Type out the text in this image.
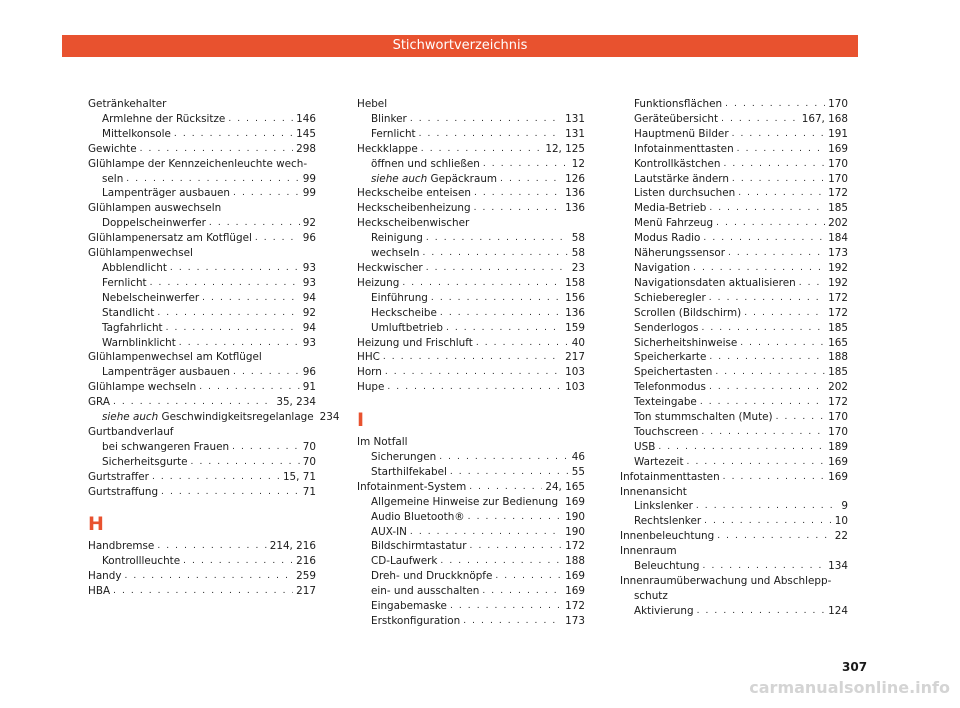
Stichwortverzeichnis
Getränkehalter
Armlehne der Rücksitze . . .	146
Mittelkonsole . . .	145
Gewichte . . .	298
Glühlampe der Kennzeichenleuchte wech-
seln . . .	99
Lampenträger ausbauen . . .	99
Glühlampen auswechseln
Doppelscheinwerfer . . .	92
Glühlampenersatz am Kotflügel . . .	96
Glühlampenwechsel
Abblendlicht . . .	93
Fernlicht . . .	93
Nebelscheinwerfer . . .	94
Standlicht . . .	92
Tagfahrlicht . . .	94
Warnblinklicht . . .	93
Glühlampenwechsel am Kotflügel
Lampenträger ausbauen . . .	96
Glühlampe wechseln . . .	91
GRA . . .	35, 234
siehe auch Geschwindigkeitsregelanlage 234
Gurtbandverlauf
bei schwangeren Frauen . . .	70
Sicherheitsgurte . . .	70
Gurtstraffer . . .	15, 71
Gurtstraffung . . .	71
H
Handbremse . . .	214, 216
Kontrollleuchte . . .	216
Handy . . .	259
HBA . . .	217
Hebel
Blinker . . .	131
Fernlicht . . .	131
Heckklappe . . .	12, 125
öffnen und schließen . . .	12
siehe auch Gepäckraum . . .	126
Heckscheibe enteisen . . .	136
Heckscheibenheizung . . .	136
Heckscheibenwischer
Reinigung . . .	58
wechseln . . .	58
Heckwischer . . .	23
Heizung . . .	158
Einführung . . .	156
Heckscheibe . . .	136
Umluftbetrieb . . .	159
Heizung und Frischluft . . .	40
HHC . . .	217
Horn . . .	103
Hupe . . .	103
I
Im Notfall
Sicherungen . . .	46
Starthilfekabel . . .	55
Infotainment-System . . .	24, 165
Allgemeine Hinweise zur Bedienung . . . 169
Audio Bluetooth® . . .	190
AUX-IN . . .	190
Bildschirmtastatur . . .	172
CD-Laufwerk . . .	188
Dreh- und Druckknöpfe . . .	169
ein- und ausschalten . . .	169
Eingabemaske . . .	172
Erstkonfiguration . . .	173
Funktionsflächen . . .	170
Geräteübersicht . . .	167, 168
Hauptmenü Bilder . . .	191
Infotainmenttasten . . .	169
Kontrollkästchen . . .	170
Lautstärke ändern . . .	170
Listen durchsuchen . . .	172
Media-Betrieb . . .	185
Menü Fahrzeug . . .	202
Modus Radio . . .	184
Näherungssensor . . .	173
Navigation . . .	192
Navigationsdaten aktualisieren . . .	192
Schieberegler . . .	172
Scrollen (Bildschirm) . . .	172
Senderlogos . . .	185
Sicherheitshinweise . . .	165
Speicherkarte . . .	188
Speichertasten . . .	185
Telefonmodus . . .	202
Texteingabe . . .	172
Ton stummschalten (Mute) . . .	170
Touchscreen . . .	170
USB . . .	189
Wartezeit . . .	169
Infotainmenttasten . . .	169
Innenansicht
Linkslenker . . .	9
Rechtslenker . . .	10
Innenbeleuchtung . . .	22
Innenraum
Beleuchtung . . .	134
Innenraumüberwachung und Abschlepp-
schutz
Aktivierung . . .	124
307
carmanualsonline.info
